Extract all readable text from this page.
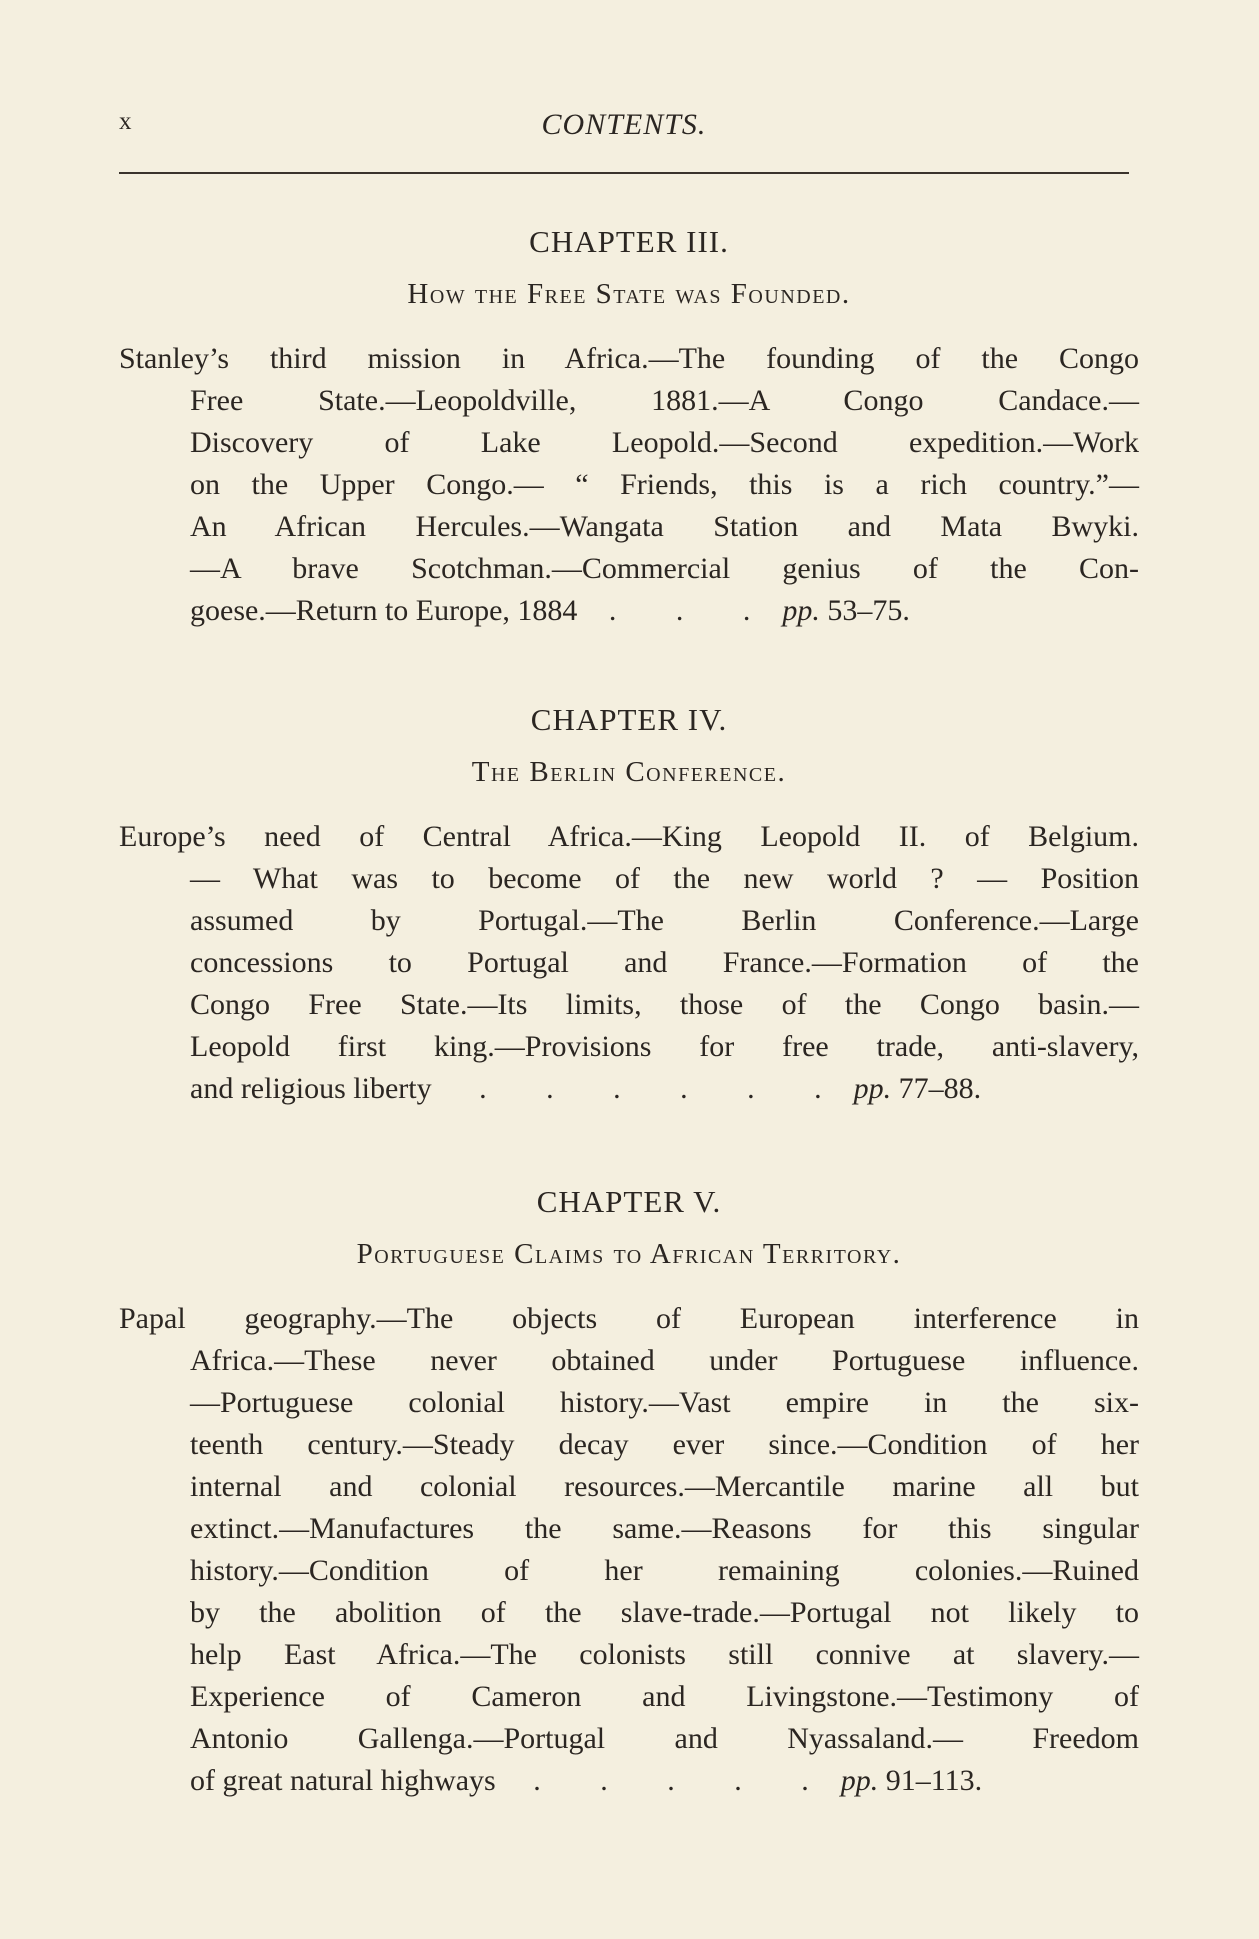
x	CONTENTS.
CHAPTER III.
How the Free State was Founded.
Stanley’s third mission in Africa.—The founding of the Congo
Free State.—Leopoldville, 1881.—A Congo Candace.—
Discovery of Lake Leopold.—Second expedition.—Work
on the Upper Congo.— “ Friends, this is a rich country.”—
An African Hercules.—Wangata Station and Mata Bwyki.
—A brave Scotchman.—Commercial genius of the Con-
goese.—Return to Europe, 1884 . . . pp. 53–75.
CHAPTER IV.
The Berlin Conference.
Europe’s need of Central Africa.—King Leopold II. of Belgium.
— What was to become of the new world ? — Position
assumed by Portugal.—The Berlin Conference.—Large
concessions to Portugal and France.—Formation of the
Congo Free State.—Its limits, those of the Congo basin.—
Leopold first king.—Provisions for free trade, anti-slavery,
and religious liberty . . . . . . pp. 77–88.
CHAPTER V.
Portuguese Claims to African Territory.
Papal geography.—The objects of European interference in
Africa.—These never obtained under Portuguese influence.
—Portuguese colonial history.—Vast empire in the six-
teenth century.—Steady decay ever since.—Condition of her
internal and colonial resources.—Mercantile marine all but
extinct.—Manufactures the same.—Reasons for this singular
history.—Condition of her remaining colonies.—Ruined
by the abolition of the slave-trade.—Portugal not likely to
help East Africa.—The colonists still connive at slavery.—
Experience of Cameron and Livingstone.—Testimony of
Antonio Gallenga.—Portugal and Nyassaland.— Freedom
of great natural highways . . . . . pp. 91–113.
